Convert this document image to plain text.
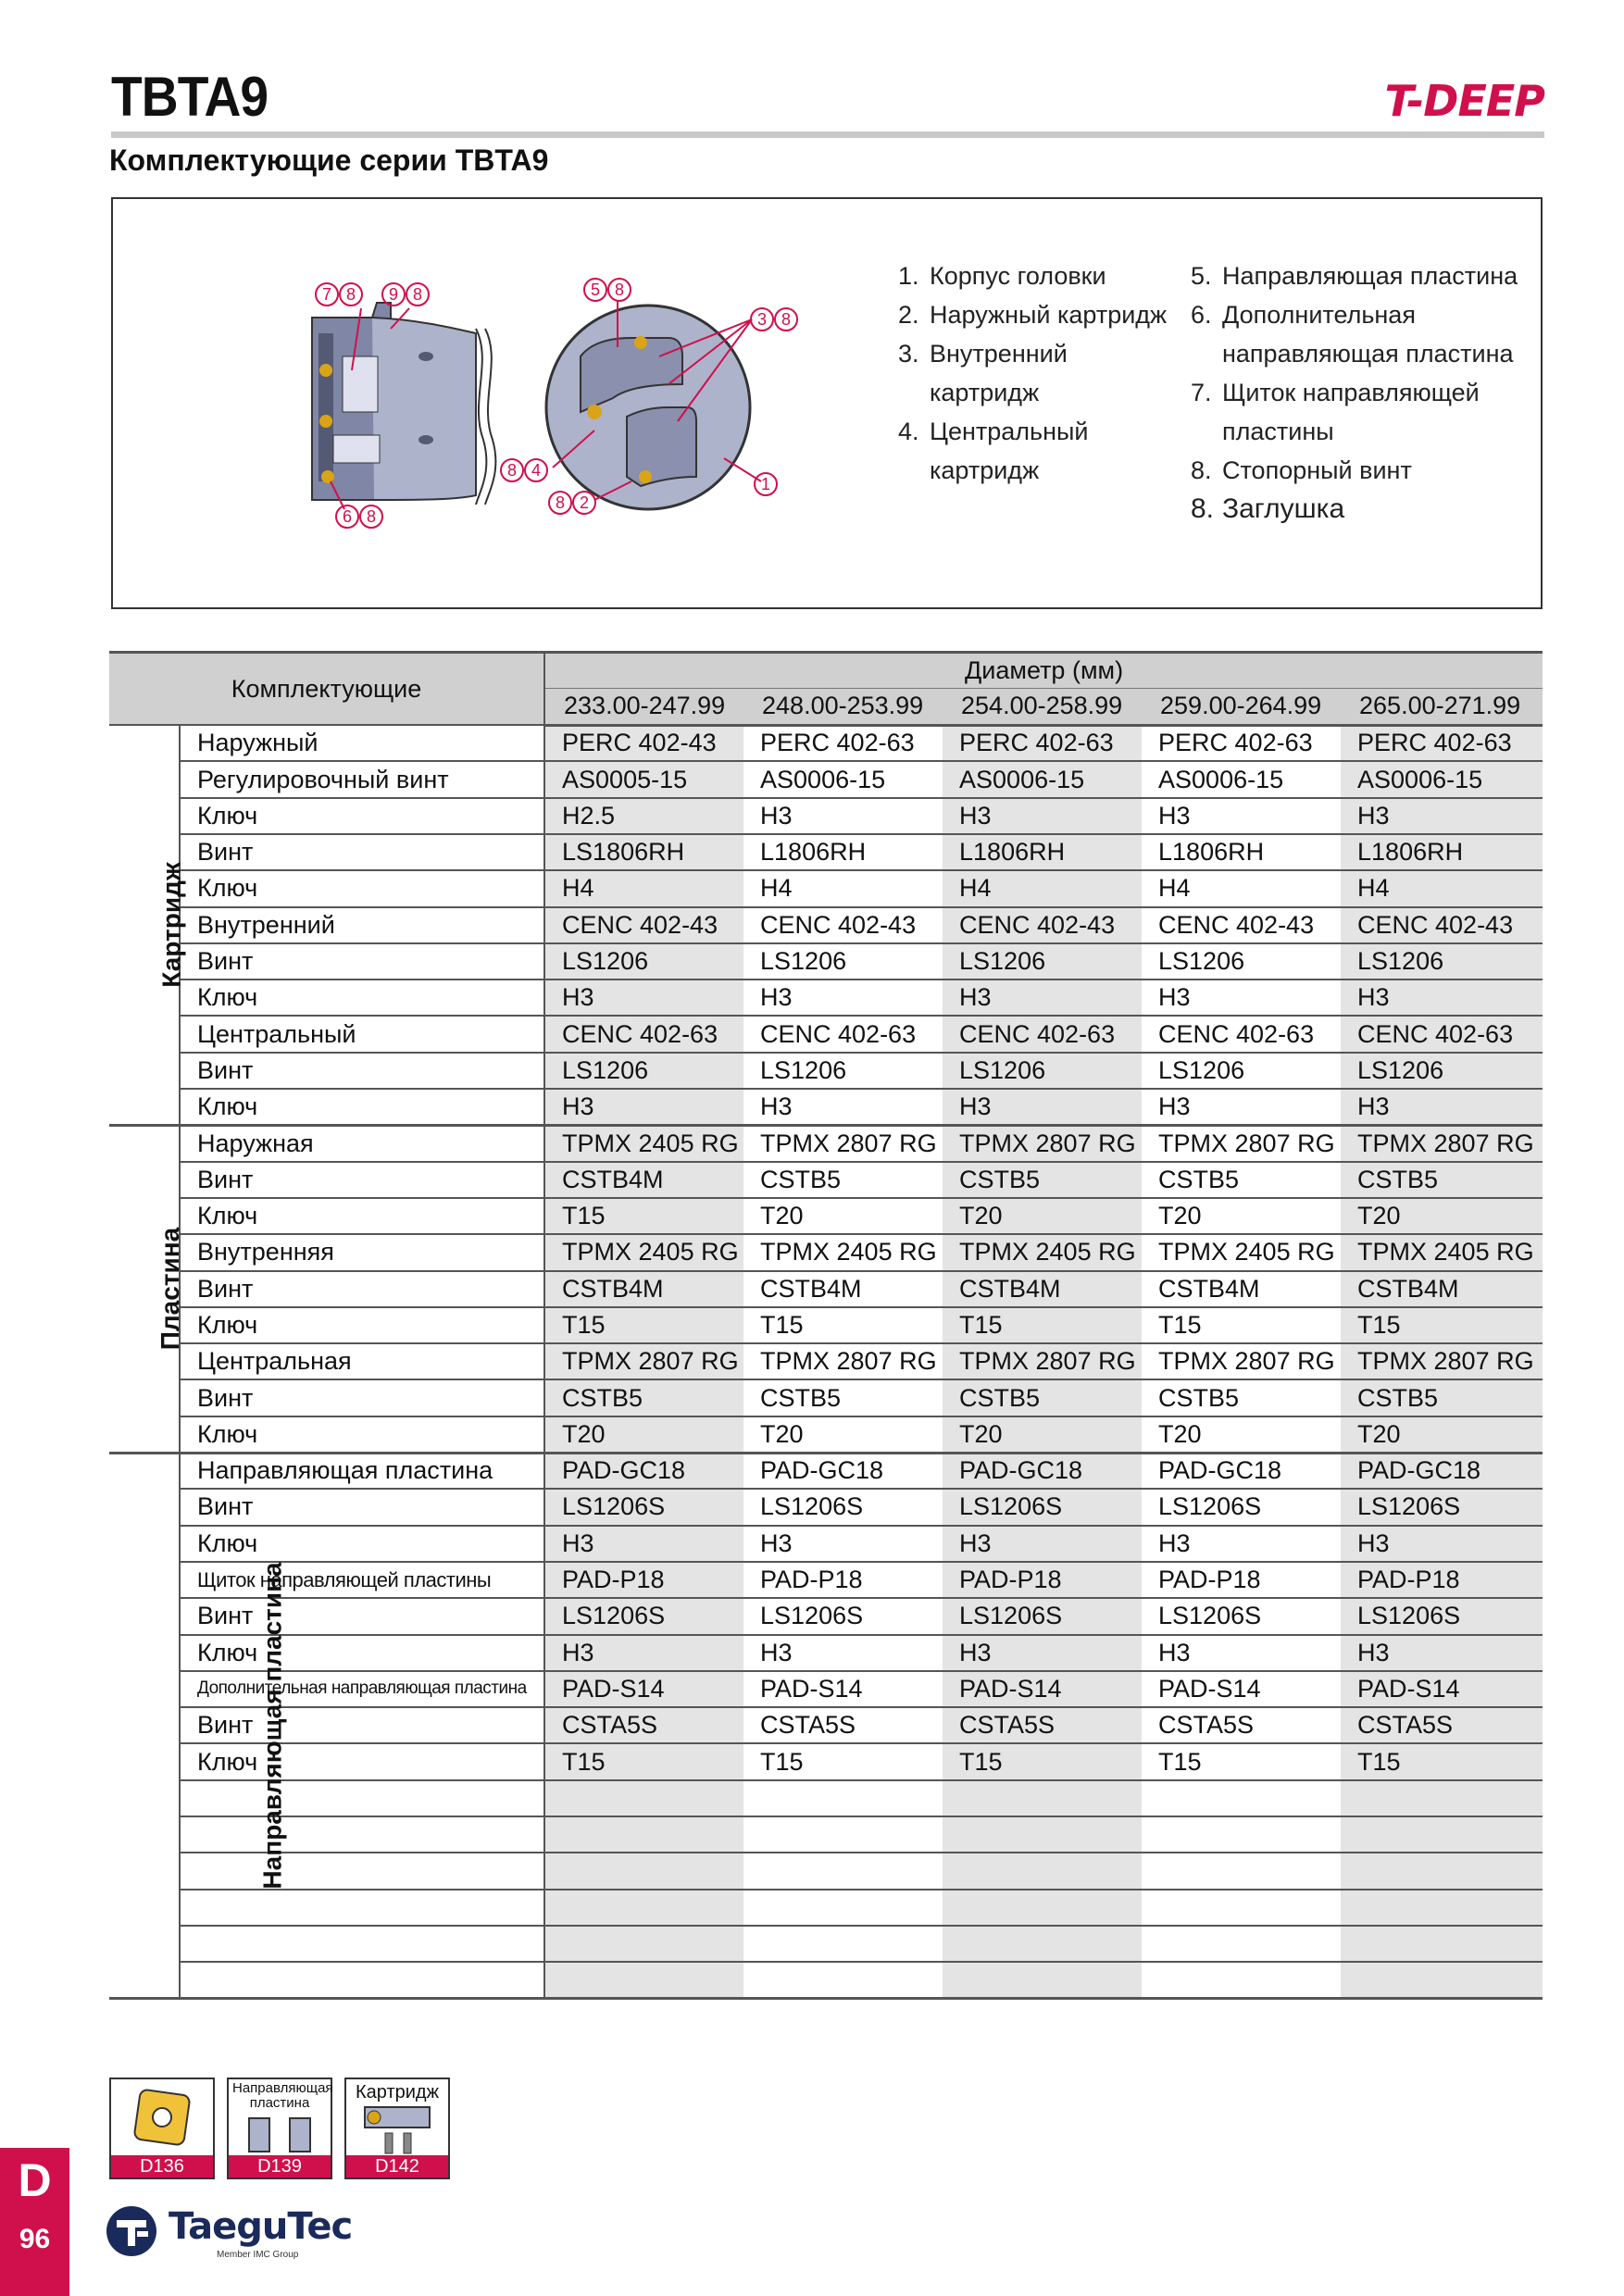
TBTA9	T-DEEP
Комплектующие серии TBTA9
7 8	9 8
6 8
5 8
3 8
8 4
8 2
1
1. Корпус головки
2. Наружный картридж
3. Внутренний
картридж
4. Центральный
картридж
5. Направляющая пластина
6. Дополнительная
направляющая пластина
7. Щиток направляющей
пластины
8. Стопорный винт
8. Заглушка
Комплектующие		Диаметр (мм)				
		233.00-247.99	248.00-253.99	254.00-258.99	259.00-264.99	265.00-271.99
Картридж	Наружный	PERC 402-43	PERC 402-63	PERC 402-63	PERC 402-63	PERC 402-63
	Регулировочный винт	AS0005-15	AS0006-15	AS0006-15	AS0006-15	AS0006-15
	Ключ	H2.5	H3	H3	H3	H3
	Винт	LS1806RH	L1806RH	L1806RH	L1806RH	L1806RH
	Ключ	H4	H4	H4	H4	H4
	Внутренний	CENC 402-43	CENC 402-43	CENC 402-43	CENC 402-43	CENC 402-43
	Винт	LS1206	LS1206	LS1206	LS1206	LS1206
	Ключ	H3	H3	H3	H3	H3
	Центральный	CENC 402-63	CENC 402-63	CENC 402-63	CENC 402-63	CENC 402-63
	Винт	LS1206	LS1206	LS1206	LS1206	LS1206
	Ключ	H3	H3	H3	H3	H3
Пластина	Наружная	TPMX 2405 RG	TPMX 2807 RG	TPMX 2807 RG	TPMX 2807 RG	TPMX 2807 RG
	Винт	CSTB4M	CSTB5	CSTB5	CSTB5	CSTB5
	Ключ	T15	T20	T20	T20	T20
	Внутренняя	TPMX 2405 RG	TPMX 2405 RG	TPMX 2405 RG	TPMX 2405 RG	TPMX 2405 RG
	Винт	CSTB4M	CSTB4M	CSTB4M	CSTB4M	CSTB4M
	Ключ	T15	T15	T15	T15	T15
	Центральная	TPMX 2807 RG	TPMX 2807 RG	TPMX 2807 RG	TPMX 2807 RG	TPMX 2807 RG
	Винт	CSTB5	CSTB5	CSTB5	CSTB5	CSTB5
	Ключ	T20	T20	T20	T20	T20
Направляющая пластина	Направляющая пластина	PAD-GC18	PAD-GC18	PAD-GC18	PAD-GC18	PAD-GC18
	Винт	LS1206S	LS1206S	LS1206S	LS1206S	LS1206S
	Ключ	H3	H3	H3	H3	H3
	Щиток направляющей пластины	PAD-P18	PAD-P18	PAD-P18	PAD-P18	PAD-P18
	Винт	LS1206S	LS1206S	LS1206S	LS1206S	LS1206S
	Ключ	H3	H3	H3	H3	H3
	Дополнительная направляющая пластина	PAD-S14	PAD-S14	PAD-S14	PAD-S14	PAD-S14
	Винт	CSTA5S	CSTA5S	CSTA5S	CSTA5S	CSTA5S
	Ключ	T15	T15	T15	T15	T15

D136
Направляющая пластина
D139
Картридж
D142
D
96	TaeguTec
Member IMC Group
